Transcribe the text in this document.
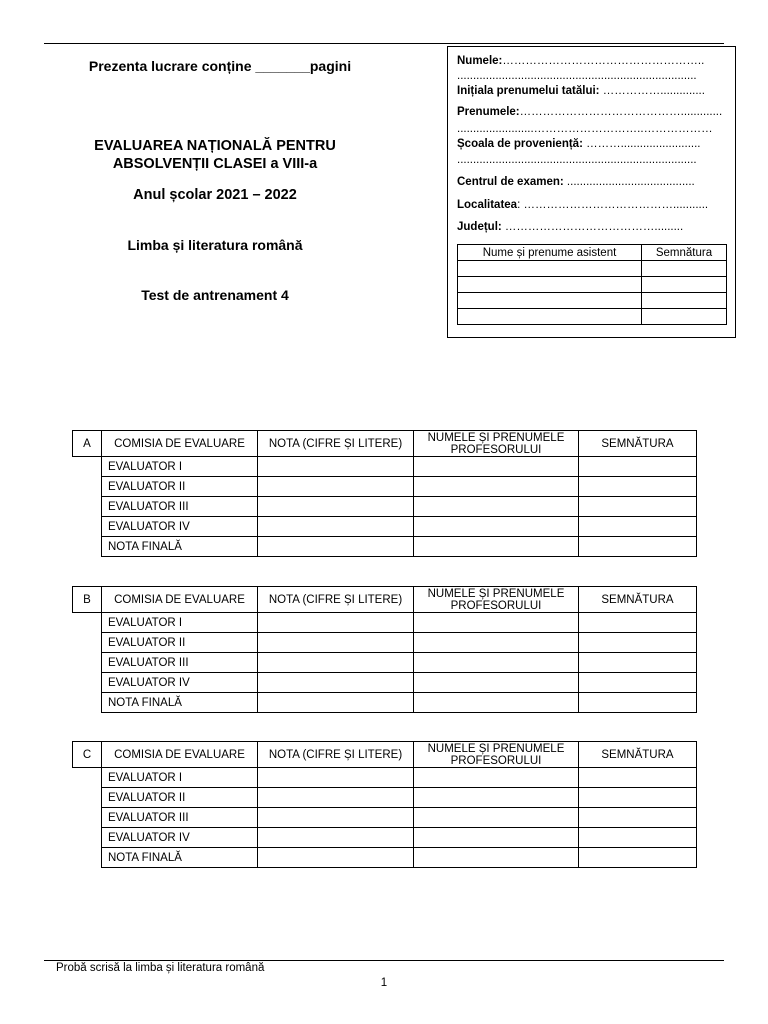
Prezenta lucrare conține _______pagini
EVALUAREA NAȚIONALĂ PENTRU
ABSOLVENȚII CLASEI a VIII-a
Anul școlar 2021 – 2022
Limba și literatura română
Test de antrenament 4
Numele:……………………………………………..
...........................................................................
Inițiala prenumelui tatălui: ……………..............
Prenumele:…………………………………….............
........................………………………..………………
Școala de proveniență: ……….........................
...........................................................................
Centrul de examen: ........................................
Localitatea: …………………………………...........
Județul: ………………………………….........
Nume și prenume asistent	Semnătura

A	COMISIA DE EVALUARE	NOTA (CIFRE ȘI LITERE)	NUMELE ȘI PRENUMELE PROFESORULUI	SEMNĂTURA
	EVALUATOR I			
	EVALUATOR II			
	EVALUATOR III			
	EVALUATOR IV			
	NOTA FINALĂ			
B	COMISIA DE EVALUARE	NOTA (CIFRE ȘI LITERE)	NUMELE ȘI PRENUMELE PROFESORULUI	SEMNĂTURA
	EVALUATOR I			
	EVALUATOR II			
	EVALUATOR III			
	EVALUATOR IV			
	NOTA FINALĂ			
C	COMISIA DE EVALUARE	NOTA (CIFRE ȘI LITERE)	NUMELE ȘI PRENUMELE PROFESORULUI	SEMNĂTURA
	EVALUATOR I			
	EVALUATOR II			
	EVALUATOR III			
	EVALUATOR IV			
	NOTA FINALĂ			
Probă scrisă la limba și literatura română
1
